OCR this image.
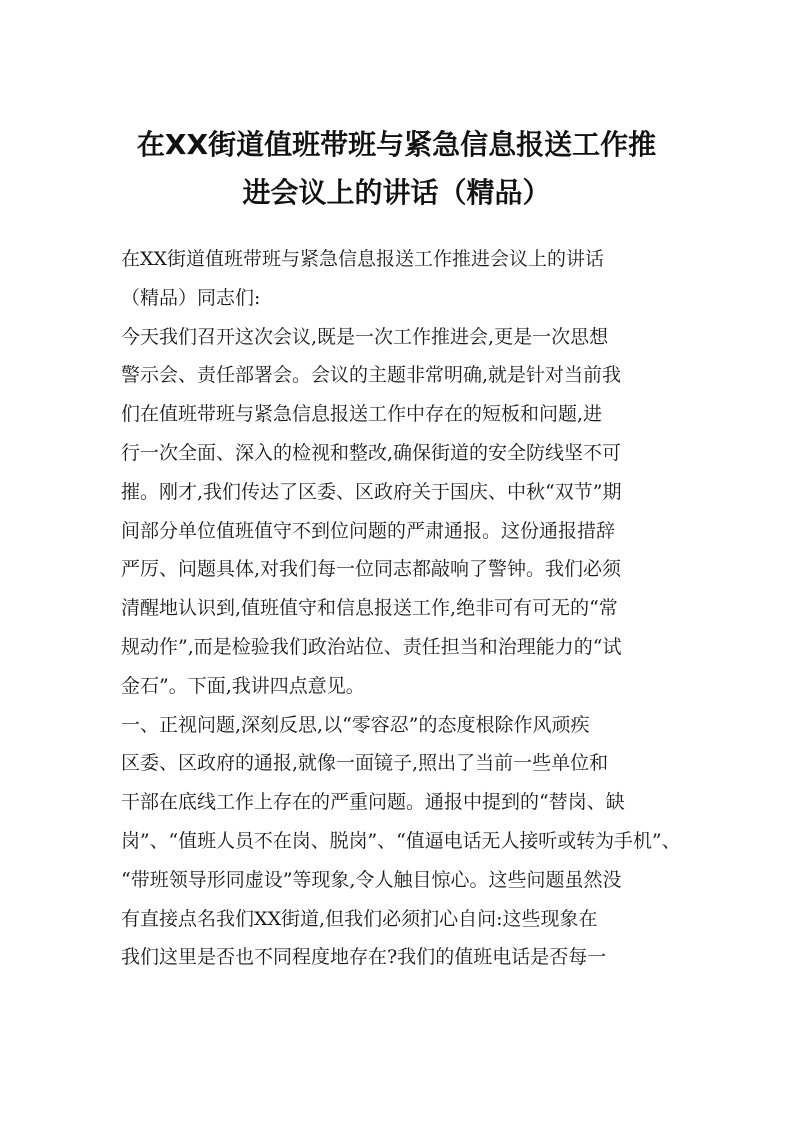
在XX街道值班带班与紧急信息报送工作推
进会议上的讲话（精品）
在XX街道值班带班与紧急信息报送工作推进会议上的讲话
（精品）同志们:
今天我们召开这次会议,既是一次工作推进会,更是一次思想
警示会、责任部署会。会议的主题非常明确,就是针对当前我
们在值班带班与紧急信息报送工作中存在的短板和问题,进
行一次全面、深入的检视和整改,确保街道的安全防线坚不可
摧。刚才,我们传达了区委、区政府关于国庆、中秋“双节”期
间部分单位值班值守不到位问题的严肃通报。这份通报措辞
严厉、问题具体,对我们每一位同志都敲响了警钟。我们必须
清醒地认识到,值班值守和信息报送工作,绝非可有可无的“常
规动作”,而是检验我们政治站位、责任担当和治理能力的“试
金石”。下面,我讲四点意见。
一、正视问题,深刻反思,以“零容忍”的态度根除作风顽疾
区委、区政府的通报,就像一面镜子,照出了当前一些单位和
干部在底线工作上存在的严重问题。通报中提到的“替岗、缺
岗”、“值班人员不在岗、脱岗”、“值逼电话无人接听或转为手机”、
“带班领导形同虚设”等现象,令人触目惊心。这些问题虽然没
有直接点名我们XX街道,但我们必须扪心自问:这些现象在
我们这里是否也不同程度地存在?我们的值班电话是否每一
